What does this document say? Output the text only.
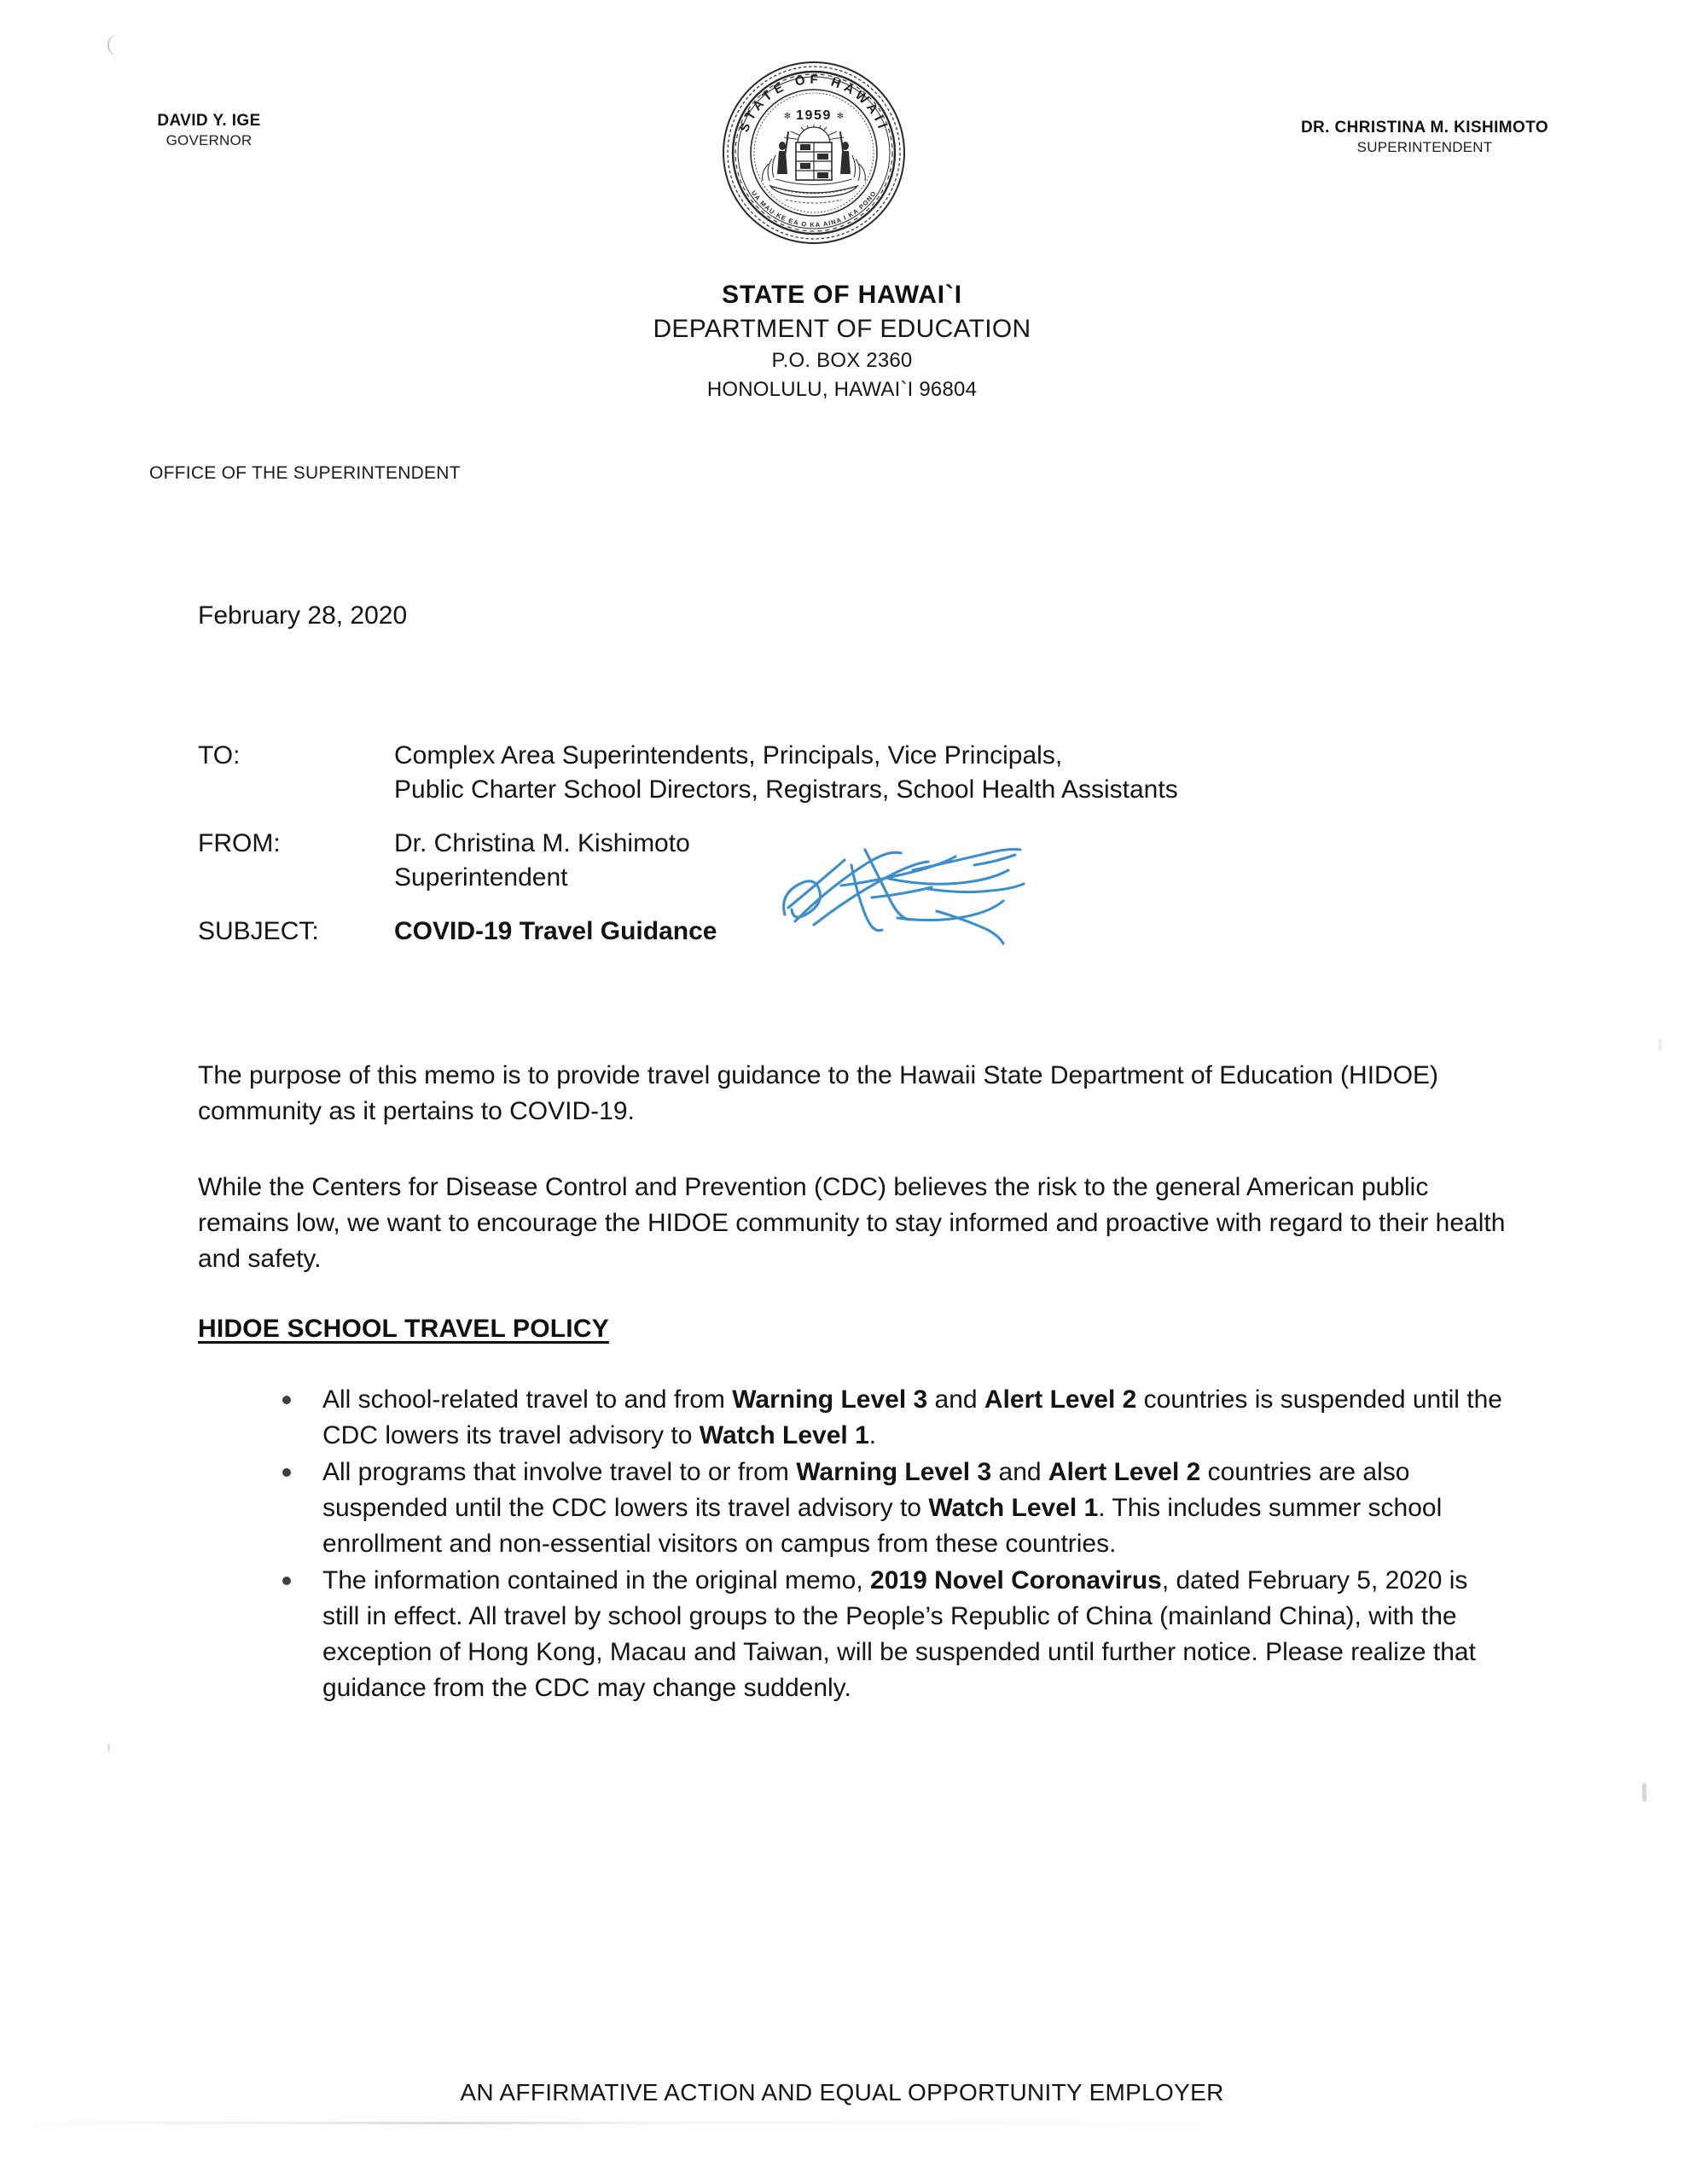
DAVID Y. IGE
GOVERNOR
STATE OF HAWAII
UA MAU KE EA O KA AINA I KA PONO
1959
✻	✻
DR. CHRISTINA M. KISHIMOTO
SUPERINTENDENT
STATE OF HAWAI`I
DEPARTMENT OF EDUCATION
P.O. BOX 2360
HONOLULU, HAWAI`I 96804
OFFICE OF THE SUPERINTENDENT
February 28, 2020
TO:	Complex Area Superintendents, Principals, Vice Principals,
Public Charter School Directors, Registrars, School Health Assistants
FROM:	Dr. Christina M. Kishimoto
Superintendent
SUBJECT:	COVID-19 Travel Guidance
The purpose of this memo is to provide travel guidance to the Hawaii State Department of Education (HIDOE) community as it pertains to COVID-19.
While the Centers for Disease Control and Prevention (CDC) believes the risk to the general American public remains low, we want to encourage the HIDOE community to stay informed and proactive with regard to their health and safety.
HIDOE SCHOOL TRAVEL POLICY
All school-related travel to and from Warning Level 3 and Alert Level 2 countries is suspended until the CDC lowers its travel advisory to Watch Level 1.
All programs that involve travel to or from Warning Level 3 and Alert Level 2 countries are also suspended until the CDC lowers its travel advisory to Watch Level 1. This includes summer school enrollment and non-essential visitors on campus from these countries.
The information contained in the original memo, 2019 Novel Coronavirus, dated February 5, 2020 is still in effect. All travel by school groups to the People’s Republic of China (mainland China), with the exception of Hong Kong, Macau and Taiwan, will be suspended until further notice. Please realize that guidance from the CDC may change suddenly.
AN AFFIRMATIVE ACTION AND EQUAL OPPORTUNITY EMPLOYER
